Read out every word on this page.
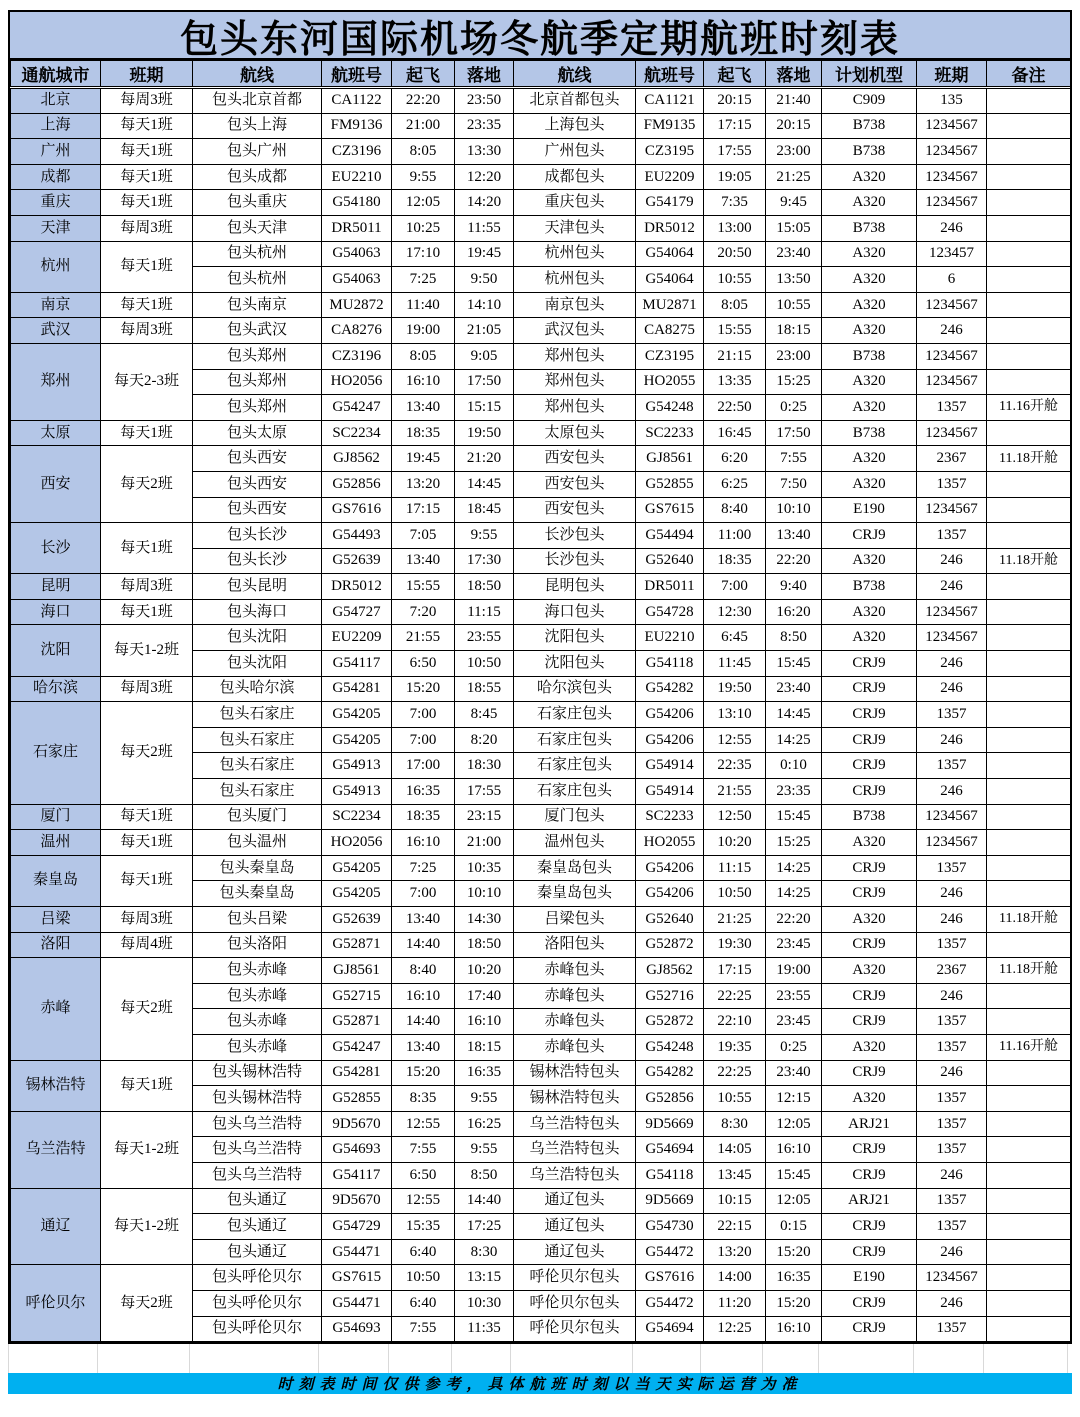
包头东河国际机场冬航季定期航班时刻表
通航城市	班期	航线	航班号	起飞	落地	航线	航班号	起飞	落地	计划机型	班期	备注
北京	每周3班	包头北京首都	CA1122	22:20	23:50	北京首都包头	CA1121	20:15	21:40	C909	135	
上海	每天1班	包头上海	FM9136	21:00	23:35	上海包头	FM9135	17:15	20:15	B738	1234567	
广州	每天1班	包头广州	CZ3196	8:05	13:30	广州包头	CZ3195	17:55	23:00	B738	1234567	
成都	每天1班	包头成都	EU2210	9:55	12:20	成都包头	EU2209	19:05	21:25	A320	1234567	
重庆	每天1班	包头重庆	G54180	12:05	14:20	重庆包头	G54179	7:35	9:45	A320	1234567	
天津	每周3班	包头天津	DR5011	10:25	11:55	天津包头	DR5012	13:00	15:05	B738	246	
杭州	每天1班	包头杭州	G54063	17:10	19:45	杭州包头	G54064	20:50	23:40	A320	123457	
		包头杭州	G54063	7:25	9:50	杭州包头	G54064	10:55	13:50	A320	6	
南京	每天1班	包头南京	MU2872	11:40	14:10	南京包头	MU2871	8:05	10:55	A320	1234567	
武汉	每周3班	包头武汉	CA8276	19:00	21:05	武汉包头	CA8275	15:55	18:15	A320	246	
郑州	每天2-3班	包头郑州	CZ3196	8:05	9:05	郑州包头	CZ3195	21:15	23:00	B738	1234567	
		包头郑州	HO2056	16:10	17:50	郑州包头	HO2055	13:35	15:25	A320	1234567	
		包头郑州	G54247	13:40	15:15	郑州包头	G54248	22:50	0:25	A320	1357	11.16开舱
太原	每天1班	包头太原	SC2234	18:35	19:50	太原包头	SC2233	16:45	17:50	B738	1234567	
西安	每天2班	包头西安	GJ8562	19:45	21:20	西安包头	GJ8561	6:20	7:55	A320	2367	11.18开舱
		包头西安	G52856	13:20	14:45	西安包头	G52855	6:25	7:50	A320	1357	
		包头西安	GS7616	17:15	18:45	西安包头	GS7615	8:40	10:10	E190	1234567	
长沙	每天1班	包头长沙	G54493	7:05	9:55	长沙包头	G54494	11:00	13:40	CRJ9	1357	
		包头长沙	G52639	13:40	17:30	长沙包头	G52640	18:35	22:20	A320	246	11.18开舱
昆明	每周3班	包头昆明	DR5012	15:55	18:50	昆明包头	DR5011	7:00	9:40	B738	246	
海口	每天1班	包头海口	G54727	7:20	11:15	海口包头	G54728	12:30	16:20	A320	1234567	
沈阳	每天1-2班	包头沈阳	EU2209	21:55	23:55	沈阳包头	EU2210	6:45	8:50	A320	1234567	
		包头沈阳	G54117	6:50	10:50	沈阳包头	G54118	11:45	15:45	CRJ9	246	
哈尔滨	每周3班	包头哈尔滨	G54281	15:20	18:55	哈尔滨包头	G54282	19:50	23:40	CRJ9	246	
石家庄	每天2班	包头石家庄	G54205	7:00	8:45	石家庄包头	G54206	13:10	14:45	CRJ9	1357	
		包头石家庄	G54205	7:00	8:20	石家庄包头	G54206	12:55	14:25	CRJ9	246	
		包头石家庄	G54913	17:00	18:30	石家庄包头	G54914	22:35	0:10	CRJ9	1357	
		包头石家庄	G54913	16:35	17:55	石家庄包头	G54914	21:55	23:35	CRJ9	246	
厦门	每天1班	包头厦门	SC2234	18:35	23:15	厦门包头	SC2233	12:50	15:45	B738	1234567	
温州	每天1班	包头温州	HO2056	16:10	21:00	温州包头	HO2055	10:20	15:25	A320	1234567	
秦皇岛	每天1班	包头秦皇岛	G54205	7:25	10:35	秦皇岛包头	G54206	11:15	14:25	CRJ9	1357	
		包头秦皇岛	G54205	7:00	10:10	秦皇岛包头	G54206	10:50	14:25	CRJ9	246	
吕梁	每周3班	包头吕梁	G52639	13:40	14:30	吕梁包头	G52640	21:25	22:20	A320	246	11.18开舱
洛阳	每周4班	包头洛阳	G52871	14:40	18:50	洛阳包头	G52872	19:30	23:45	CRJ9	1357	
赤峰	每天2班	包头赤峰	GJ8561	8:40	10:20	赤峰包头	GJ8562	17:15	19:00	A320	2367	11.18开舱
		包头赤峰	G52715	16:10	17:40	赤峰包头	G52716	22:25	23:55	CRJ9	246	
		包头赤峰	G52871	14:40	16:10	赤峰包头	G52872	22:10	23:45	CRJ9	1357	
		包头赤峰	G54247	13:40	18:15	赤峰包头	G54248	19:35	0:25	A320	1357	11.16开舱
锡林浩特	每天1班	包头锡林浩特	G54281	15:20	16:35	锡林浩特包头	G54282	22:25	23:40	CRJ9	246	
		包头锡林浩特	G52855	8:35	9:55	锡林浩特包头	G52856	10:55	12:15	A320	1357	
乌兰浩特	每天1-2班	包头乌兰浩特	9D5670	12:55	16:25	乌兰浩特包头	9D5669	8:30	12:05	ARJ21	1357	
		包头乌兰浩特	G54693	7:55	9:55	乌兰浩特包头	G54694	14:05	16:10	CRJ9	1357	
		包头乌兰浩特	G54117	6:50	8:50	乌兰浩特包头	G54118	13:45	15:45	CRJ9	246	
通辽	每天1-2班	包头通辽	9D5670	12:55	14:40	通辽包头	9D5669	10:15	12:05	ARJ21	1357	
		包头通辽	G54729	15:35	17:25	通辽包头	G54730	22:15	0:15	CRJ9	1357	
		包头通辽	G54471	6:40	8:30	通辽包头	G54472	13:20	15:20	CRJ9	246	
呼伦贝尔	每天2班	包头呼伦贝尔	GS7615	10:50	13:15	呼伦贝尔包头	GS7616	14:00	16:35	E190	1234567	
		包头呼伦贝尔	G54471	6:40	10:30	呼伦贝尔包头	G54472	11:20	15:20	CRJ9	246	
		包头呼伦贝尔	G54693	7:55	11:35	呼伦贝尔包头	G54694	12:25	16:10	CRJ9	1357	
时刻表时间仅供参考，具体航班时刻以当天实际运营为准
